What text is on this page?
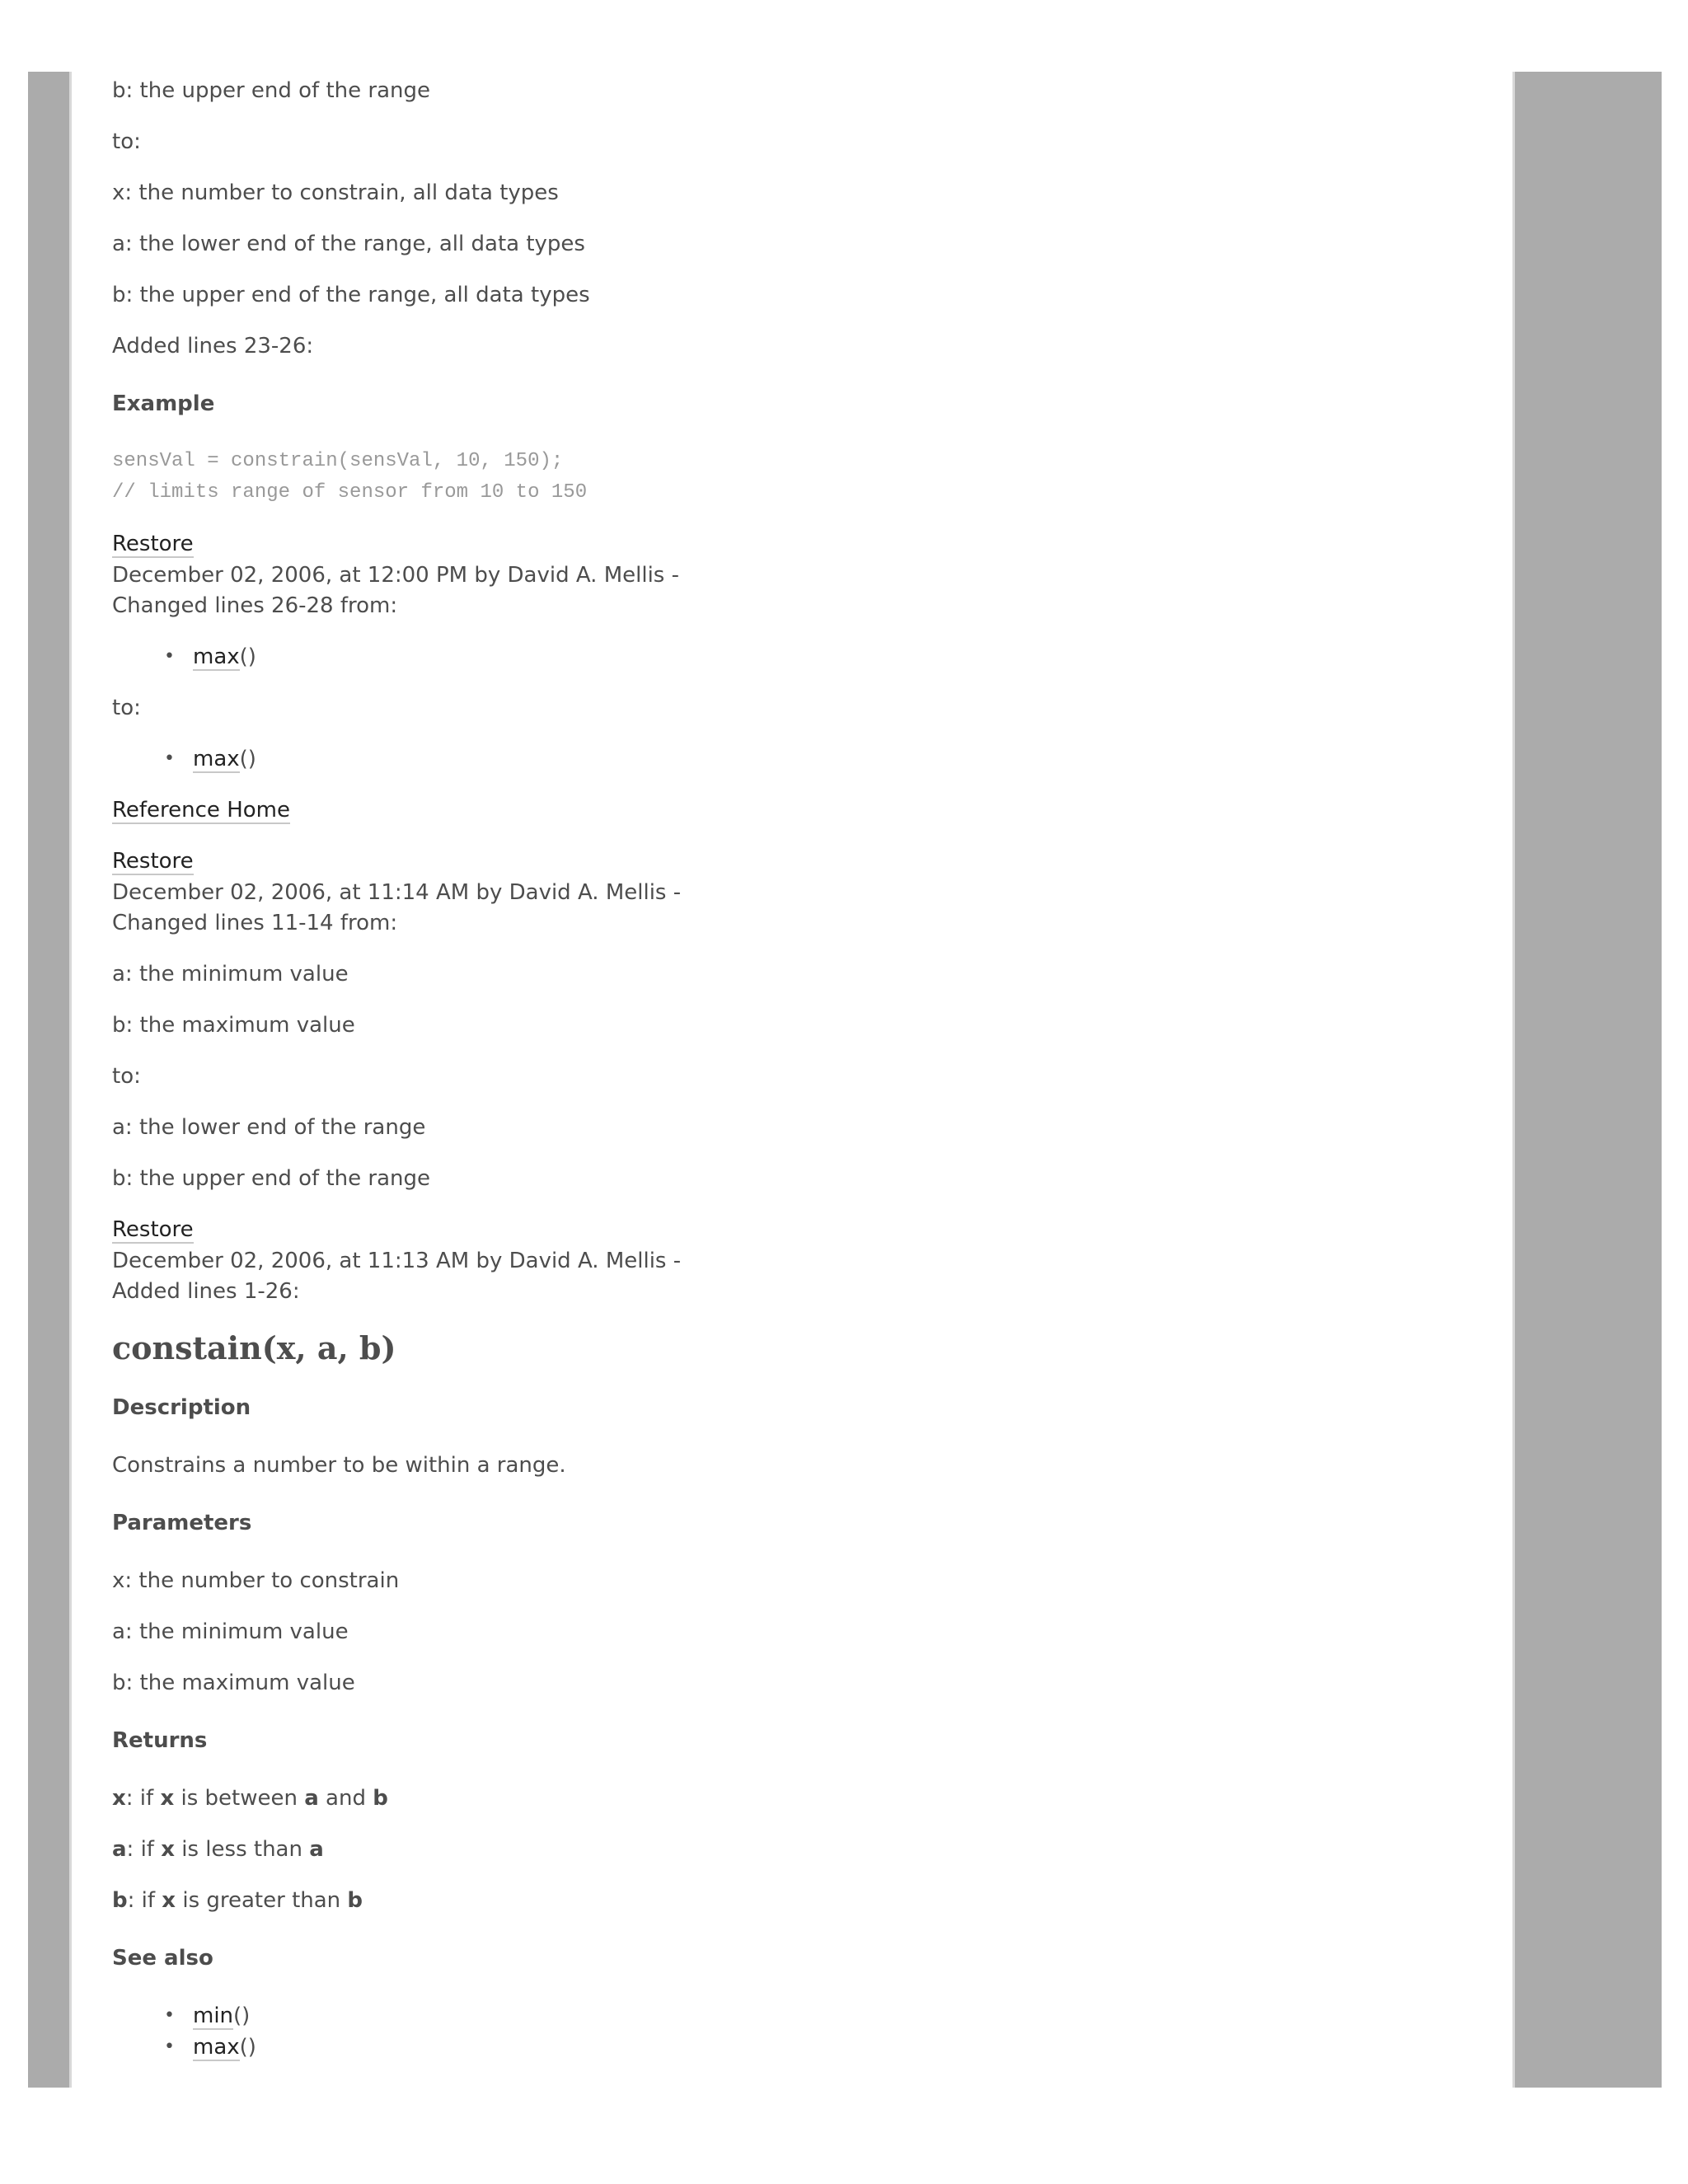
b: the upper end of the range
to:
x: the number to constrain, all data types
a: the lower end of the range, all data types
b: the upper end of the range, all data types
Added lines 23-26:
Example
sensVal = constrain(sensVal, 10, 150);
// limits range of sensor from 10 to 150
Restore
December 02, 2006, at 12:00 PM by David A. Mellis -
Changed lines 26-28 from:
• max()
to:
• max()
Reference Home
Restore
December 02, 2006, at 11:14 AM by David A. Mellis -
Changed lines 11-14 from:
a: the minimum value
b: the maximum value
to:
a: the lower end of the range
b: the upper end of the range
Restore
December 02, 2006, at 11:13 AM by David A. Mellis -
Added lines 1-26:
constain(x, a, b)
Description
Constrains a number to be within a range.
Parameters
x: the number to constrain
a: the minimum value
b: the maximum value
Returns
x: if x is between a and b
a: if x is less than a
b: if x is greater than b
See also
• min()
• max()
